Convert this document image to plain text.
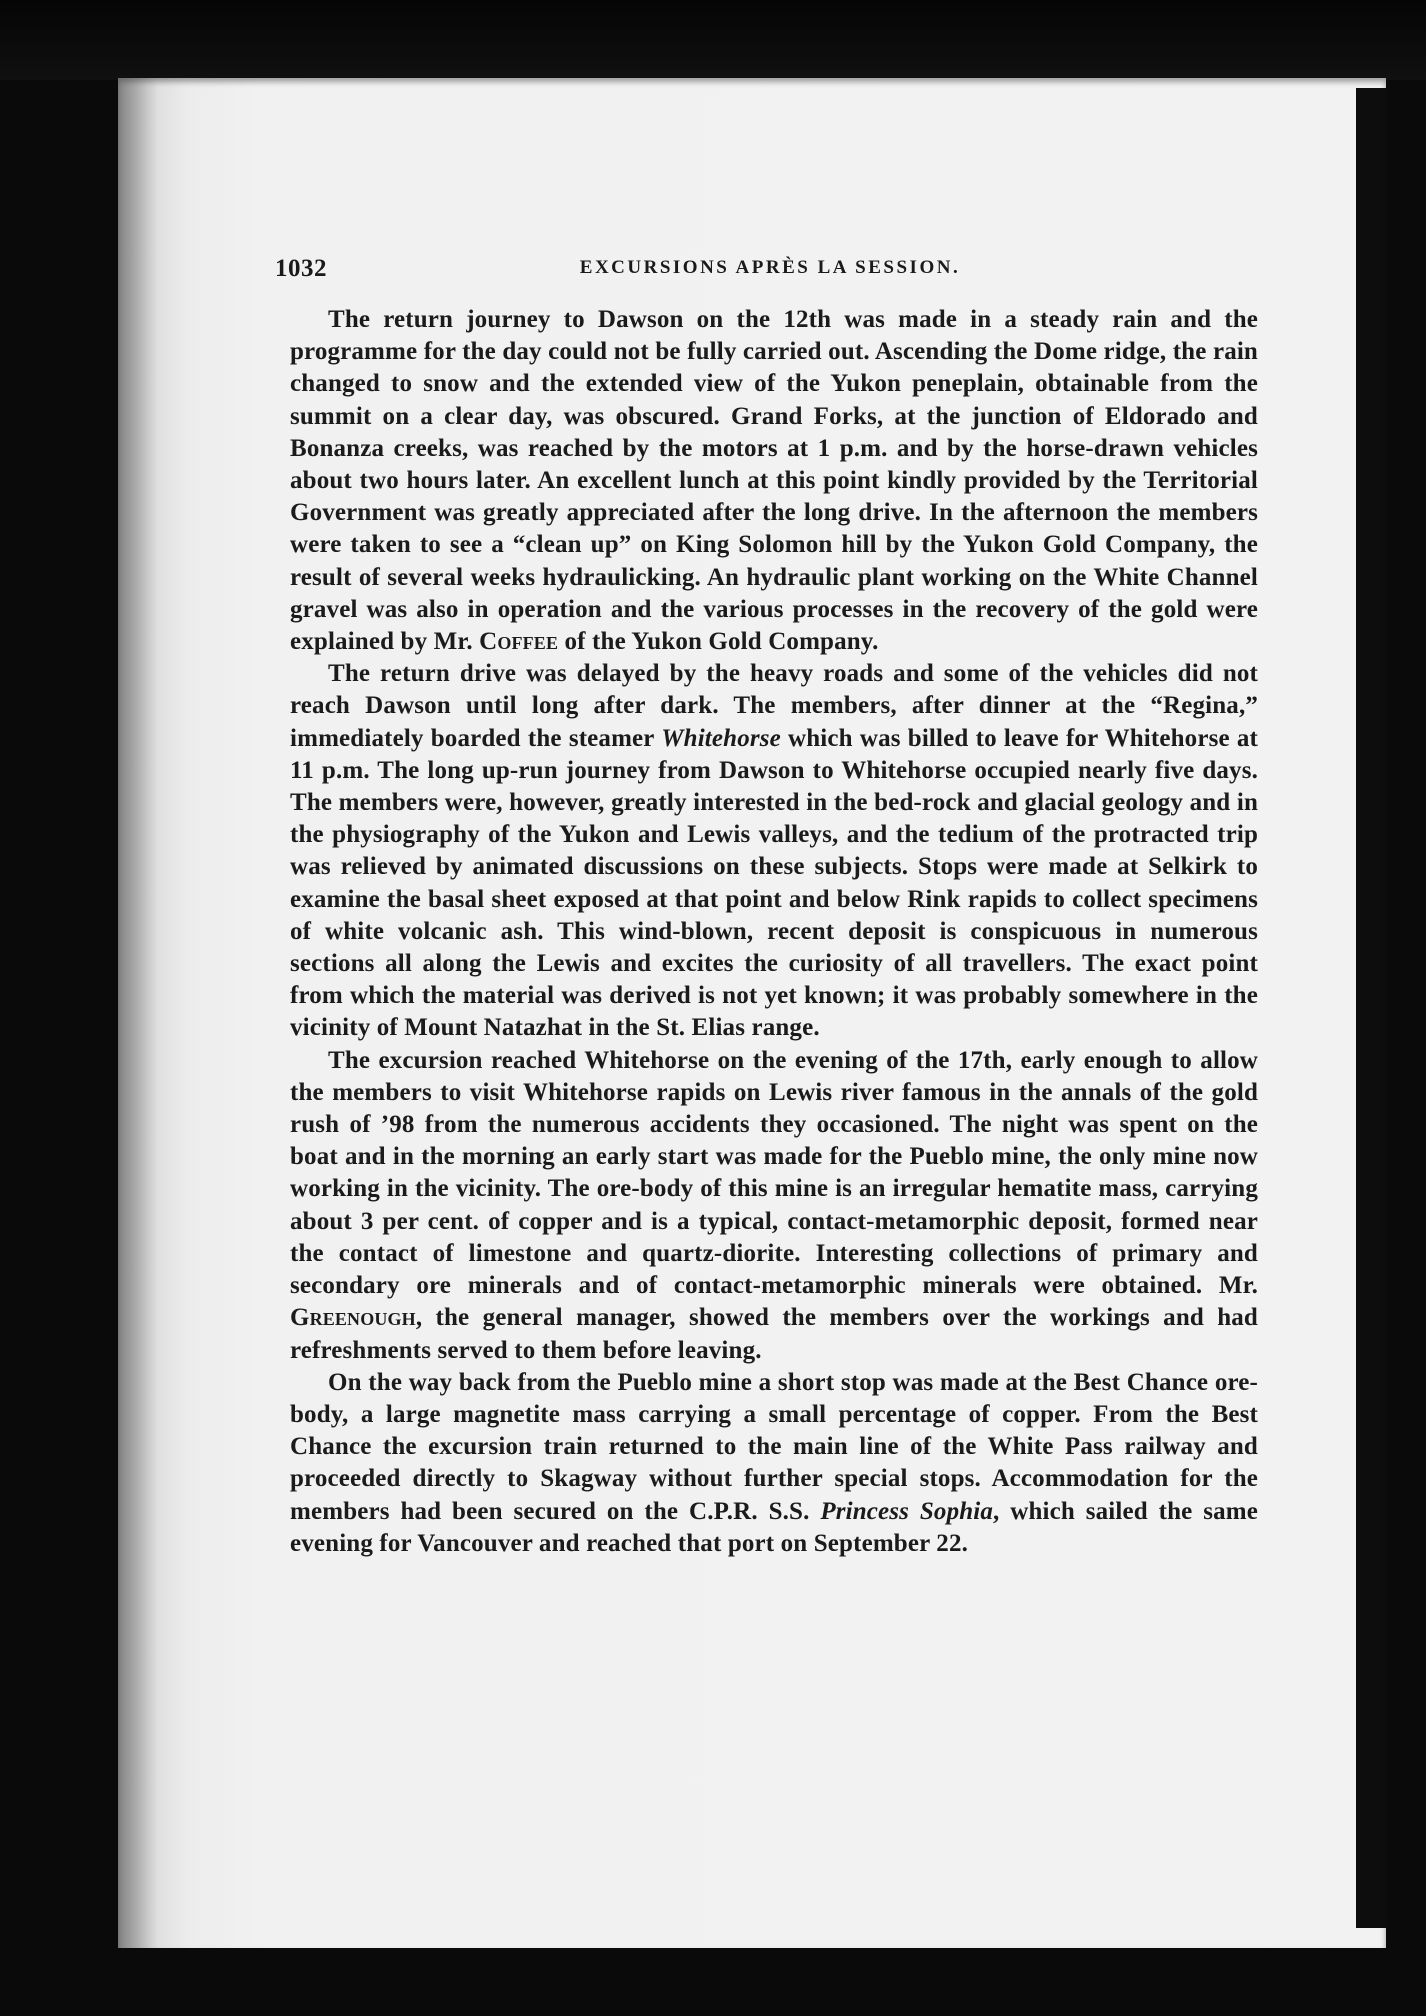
1032	EXCURSIONS APRÈS LA SESSION.

The return journey to Dawson on the 12th was made in a steady rain and the programme for the day could not be fully carried out. Ascending the Dome ridge, the rain changed to snow and the extended view of the Yukon peneplain, obtainable from the summit on a clear day, was obscured. Grand Forks, at the junction of Eldorado and Bonanza creeks, was reached by the motors at 1 p.m. and by the horse-drawn vehicles about two hours later. An excellent lunch at this point kindly provided by the Territorial Government was greatly appreciated after the long drive. In the afternoon the members were taken to see a “clean up” on King Solomon hill by the Yukon Gold Company, the result of several weeks hydraulicking. An hydraulic plant working on the White Channel gravel was also in operation and the various processes in the recovery of the gold were explained by Mr. Coffee of the Yukon Gold Company.

The return drive was delayed by the heavy roads and some of the vehicles did not reach Dawson until long after dark. The members, after dinner at the “Regina,” immediately boarded the steamer Whitehorse which was billed to leave for Whitehorse at 11 p.m. The long up-run journey from Dawson to Whitehorse occupied nearly five days. The members were, however, greatly interested in the bed-rock and glacial geology and in the physiography of the Yukon and Lewis valleys, and the tedium of the protracted trip was relieved by animated discussions on these subjects. Stops were made at Selkirk to examine the basal sheet exposed at that point and below Rink rapids to collect specimens of white volcanic ash. This wind-blown, recent deposit is conspicuous in numerous sections all along the Lewis and excites the curiosity of all travellers. The exact point from which the material was derived is not yet known; it was probably somewhere in the vicinity of Mount Natazhat in the St. Elias range.

The excursion reached Whitehorse on the evening of the 17th, early enough to allow the members to visit Whitehorse rapids on Lewis river famous in the annals of the gold rush of ’98 from the numerous accidents they occasioned. The night was spent on the boat and in the morning an early start was made for the Pueblo mine, the only mine now working in the vicinity. The ore-body of this mine is an irregular hematite mass, carrying about 3 per cent. of copper and is a typical, contact-metamorphic deposit, formed near the contact of limestone and quartz-diorite. Interesting collections of primary and secondary ore minerals and of contact-metamorphic minerals were obtained. Mr. Greenough, the general manager, showed the members over the workings and had refreshments served to them before leaving.

On the way back from the Pueblo mine a short stop was made at the Best Chance ore-body, a large magnetite mass carrying a small percentage of copper. From the Best Chance the excursion train returned to the main line of the White Pass railway and proceeded directly to Skagway without further special stops. Accommodation for the members had been secured on the C.P.R. S.S. Princess Sophia, which sailed the same evening for Vancouver and reached that port on September 22.
